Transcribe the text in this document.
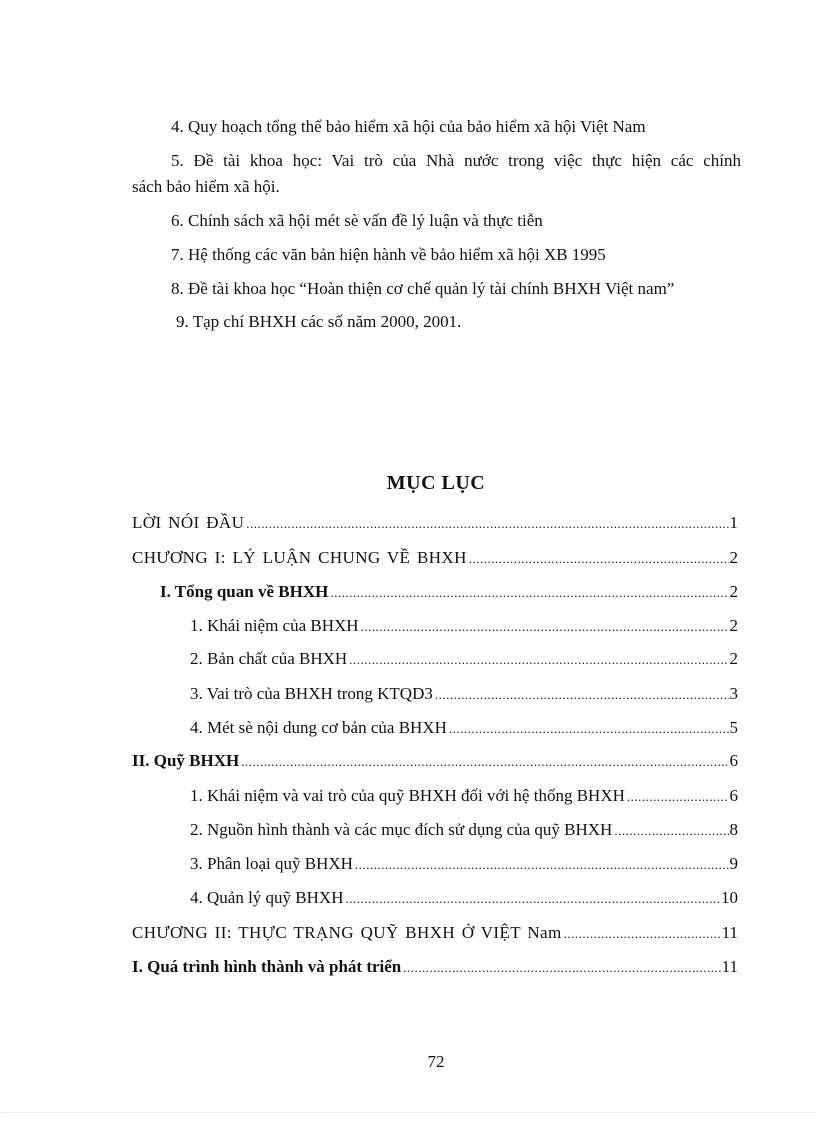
4. Quy hoạch tổng thể bảo hiểm xã hội của bảo hiểm xã hội Việt Nam
5. Đề tài khoa học: Vai trò của Nhà nước trong việc thực hiện các chính
sách bảo hiểm xã hội.
6. Chính sách xã hội mét sè vấn đề lý luận và thực tiễn
7. Hệ thống các văn bản hiện hành về bảo hiểm xã hội XB 1995
8. Đề tài khoa học “Hoàn thiện cơ chế quản lý tài chính BHXH Việt nam”
9. Tạp chí BHXH các số năm 2000, 2001.
MỤC LỤC
LỜI NÓI ĐẦU .....	1
CHƯƠNG I: LÝ LUẬN CHUNG VỀ BHXH .....	2
I. Tổng quan về BHXH .....	2
1. Khái niệm của BHXH .....	2
2. Bản chất của BHXH .....	2
3. Vai trò của BHXH trong KTQD3 .....	3
4. Mét sè nội dung cơ bản của BHXH .....	5
II. Quỹ BHXH .....	6
1. Khái niệm và vai trò của quỹ BHXH đối với hệ thống BHXH .....	6
2. Nguồn hình thành và các mục đích sử dụng của quỹ BHXH .....	8
3. Phân loại quỹ BHXH .....	9
4. Quản lý quỹ BHXH .....	10
CHƯƠNG II: THỰC TRẠNG QUỸ BHXH Ở VIỆT Nam .....	11
I. Quá trình hình thành và phát triển .....	11
72
